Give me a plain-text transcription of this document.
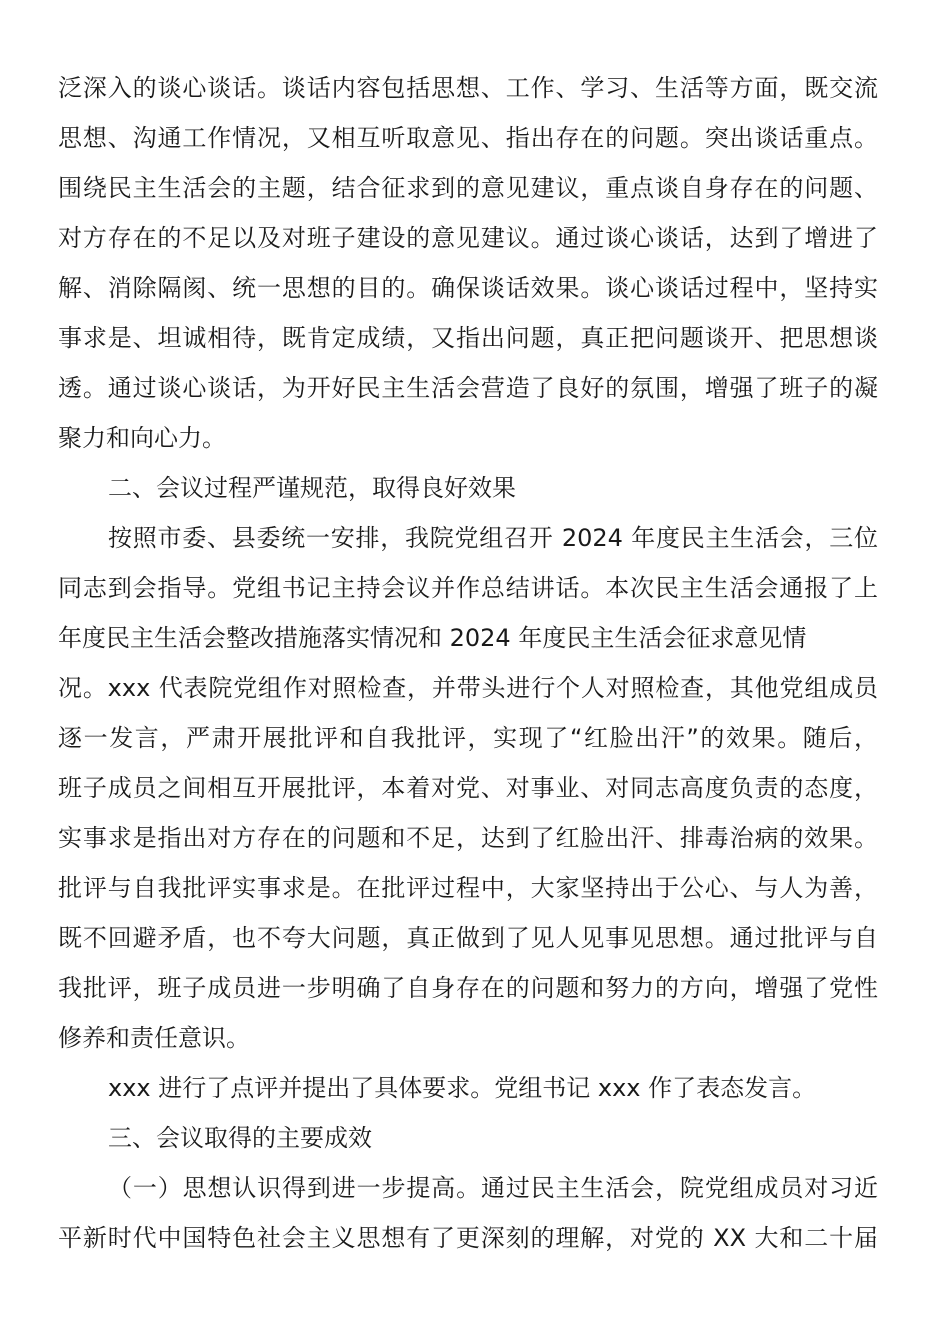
泛深入的谈心谈话。谈话内容包括思想、工作、学习、生活等方面，既交流
思想、沟通工作情况，又相互听取意见、指出存在的问题。突出谈话重点。
围绕民主生活会的主题，结合征求到的意见建议，重点谈自身存在的问题、
对方存在的不足以及对班子建设的意见建议。通过谈心谈话，达到了增进了
解、消除隔阂、统一思想的目的。确保谈话效果。谈心谈话过程中，坚持实
事求是、坦诚相待，既肯定成绩，又指出问题，真正把问题谈开、把思想谈
透。通过谈心谈话，为开好民主生活会营造了良好的氛围，增强了班子的凝
聚力和向心力。
二、会议过程严谨规范，取得良好效果
按照市委、县委统一安排，我院党组召开 2024 年度民主生活会，三位
同志到会指导。党组书记主持会议并作总结讲话。本次民主生活会通报了上
年度民主生活会整改措施落实情况和 2024 年度民主生活会征求意见情
况。xxx 代表院党组作对照检查，并带头进行个人对照检查，其他党组成员
逐一发言，严肃开展批评和自我批评，实现了“红脸出汗”的效果。随后，
班子成员之间相互开展批评，本着对党、对事业、对同志高度负责的态度，
实事求是指出对方存在的问题和不足，达到了红脸出汗、排毒治病的效果。
批评与自我批评实事求是。在批评过程中，大家坚持出于公心、与人为善，
既不回避矛盾，也不夸大问题，真正做到了见人见事见思想。通过批评与自
我批评，班子成员进一步明确了自身存在的问题和努力的方向，增强了党性
修养和责任意识。
xxx 进行了点评并提出了具体要求。党组书记 xxx 作了表态发言。
三、会议取得的主要成效
（一）思想认识得到进一步提高。通过民主生活会，院党组成员对习近
平新时代中国特色社会主义思想有了更深刻的理解，对党的 XX 大和二十届
